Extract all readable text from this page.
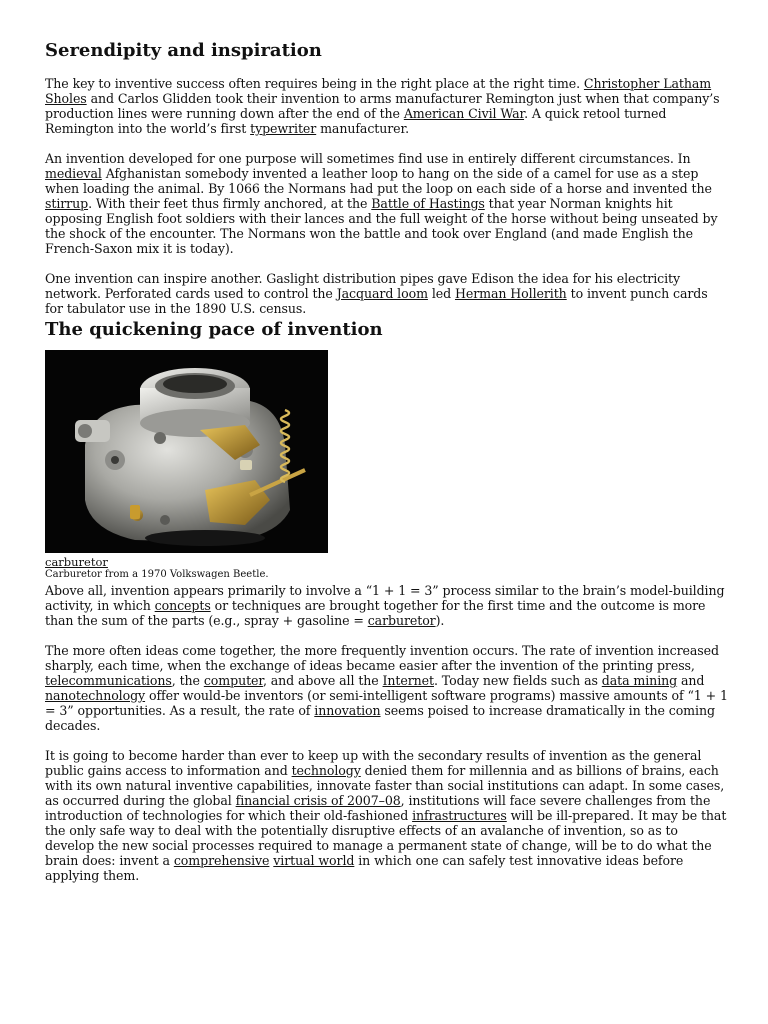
Serendipity and inspiration

The key to inventive success often requires being in the right place at the right time. Christopher Latham Sholes and Carlos Glidden took their invention to arms manufacturer Remington just when that company’s production lines were running down after the end of the American Civil War. A quick retool turned Remington into the world’s first typewriter manufacturer.

An invention developed for one purpose will sometimes find use in entirely different circumstances. In medieval Afghanistan somebody invented a leather loop to hang on the side of a camel for use as a step when loading the animal. By 1066 the Normans had put the loop on each side of a horse and invented the stirrup. With their feet thus firmly anchored, at the Battle of Hastings that year Norman knights hit opposing English foot soldiers with their lances and the full weight of the horse without being unseated by the shock of the encounter. The Normans won the battle and took over England (and made English the French-Saxon mix it is today).

One invention can inspire another. Gaslight distribution pipes gave Edison the idea for his electricity network. Perforated cards used to control the Jacquard loom led Herman Hollerith to invent punch cards for tabulator use in the 1890 U.S. census.

The quickening pace of invention
carburetor
Carburetor from a 1970 Volkswagen Beetle.

Above all, invention appears primarily to involve a “1 + 1 = 3” process similar to the brain’s model-building activity, in which concepts or techniques are brought together for the first time and the outcome is more than the sum of the parts (e.g., spray + gasoline = carburetor).

The more often ideas come together, the more frequently invention occurs. The rate of invention increased sharply, each time, when the exchange of ideas became easier after the invention of the printing press, telecommunications, the computer, and above all the Internet. Today new fields such as data mining and nanotechnology offer would-be inventors (or semi-intelligent software programs) massive amounts of “1 + 1 = 3” opportunities. As a result, the rate of innovation seems poised to increase dramatically in the coming decades.

It is going to become harder than ever to keep up with the secondary results of invention as the general public gains access to information and technology denied them for millennia and as billions of brains, each with its own natural inventive capabilities, innovate faster than social institutions can adapt. In some cases, as occurred during the global financial crisis of 2007–08, institutions will face severe challenges from the introduction of technologies for which their old-fashioned infrastructures will be ill-prepared. It may be that the only safe way to deal with the potentially disruptive effects of an avalanche of invention, so as to develop the new social processes required to manage a permanent state of change, will be to do what the brain does: invent a comprehensive virtual world in which one can safely test innovative ideas before applying them.
